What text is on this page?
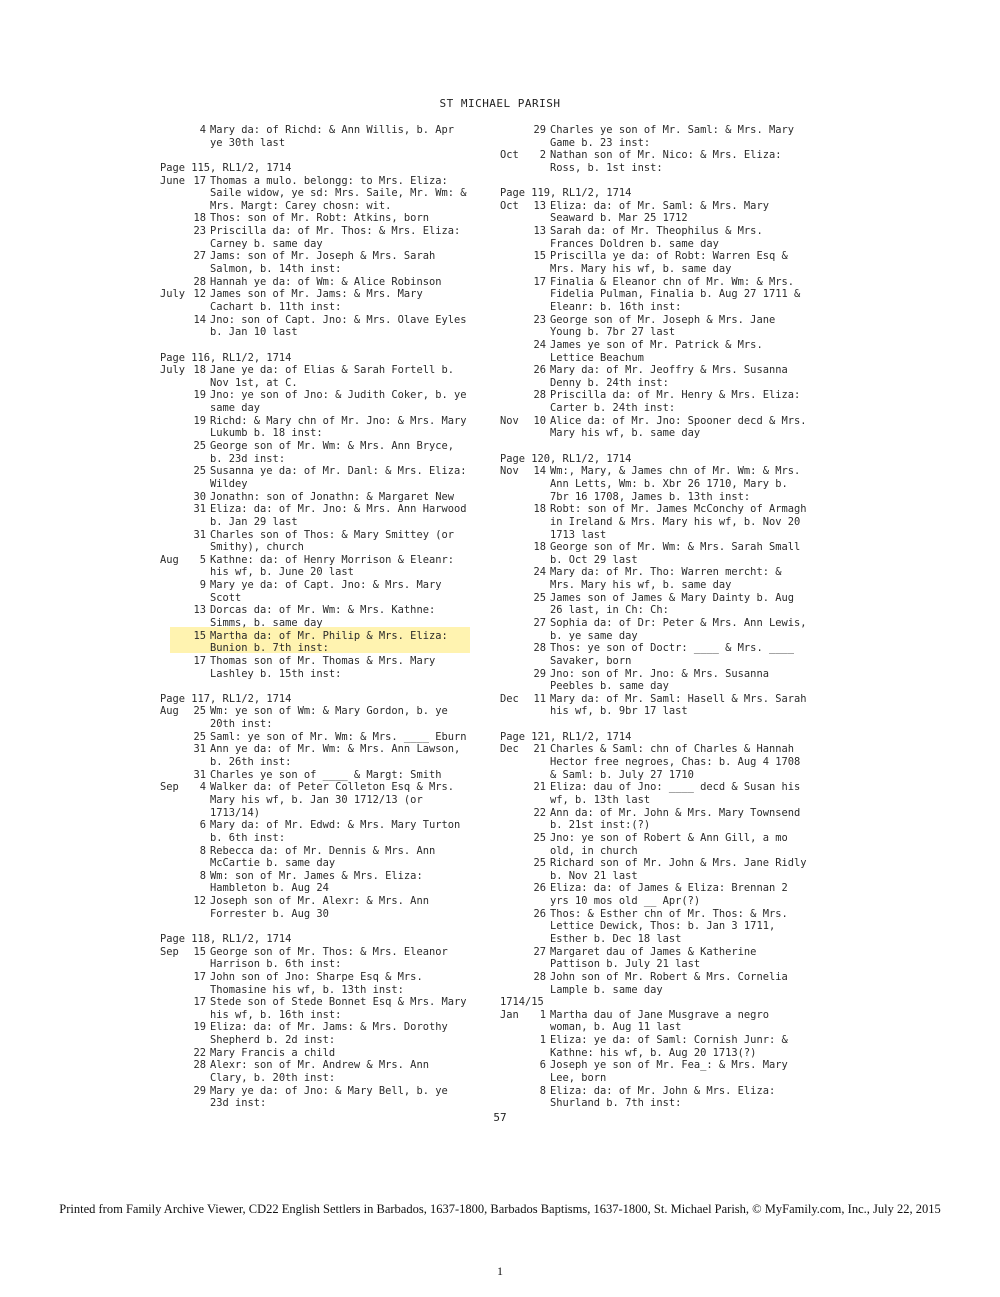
ST MICHAEL PARISH
4 Mary da: of Richd: & Ann Willis, b. Apr
ye 30th last
Page 115, RL1/2, 1714
June 17 Thomas a mulo. belongg: to Mrs. Eliza:
Saile widow, ye sd: Mrs. Saile, Mr. Wm: &
Mrs. Margt: Carey chosn: wit.
18 Thos: son of Mr. Robt: Atkins, born
23 Priscilla da: of Mr. Thos: & Mrs. Eliza:
Carney b. same day
27 Jams: son of Mr. Joseph & Mrs. Sarah
Salmon, b. 14th inst:
28 Hannah ye da: of Wm: & Alice Robinson
July 12 James son of Mr. Jams: & Mrs. Mary
Cachart b. 11th inst:
14 Jno: son of Capt. Jno: & Mrs. Olave Eyles
b. Jan 10 last
Page 116, RL1/2, 1714
July 18 Jane ye da: of Elias & Sarah Fortell b.
Nov 1st, at C.
19 Jno: ye son of Jno: & Judith Coker, b. ye
same day
19 Richd: & Mary chn of Mr. Jno: & Mrs. Mary
Lukumb b. 18 inst:
25 George son of Mr. Wm: & Mrs. Ann Bryce,
b. 23d inst:
25 Susanna ye da: of Mr. Danl: & Mrs. Eliza:
Wildey
30 Jonathn: son of Jonathn: & Margaret New
31 Eliza: da: of Mr. Jno: & Mrs. Ann Harwood
b. Jan 29 last
31 Charles son of Thos: & Mary Smittey (or
Smithy), church
Aug	5 Kathne: da: of Henry Morrison & Eleanr:
his wf, b. June 20 last
9 Mary ye da: of Capt. Jno: & Mrs. Mary
Scott
13 Dorcas da: of Mr. Wm: & Mrs. Kathne:
Simms, b. same day
15 Martha da: of Mr. Philip & Mrs. Eliza:
Bunion b. 7th inst:
17 Thomas son of Mr. Thomas & Mrs. Mary
Lashley b. 15th inst:
Page 117, RL1/2, 1714
Aug	25 Wm: ye son of Wm: & Mary Gordon, b. ye
20th inst:
25 Saml: ye son of Mr. Wm: & Mrs. ____ Eburn
31 Ann ye da: of Mr. Wm: & Mrs. Ann Lawson,
b. 26th inst:
31 Charles ye son of ____ & Margt: Smith
Sep	4 Walker da: of Peter Colleton Esq & Mrs.
Mary his wf, b. Jan 30 1712/13 (or
1713/14)
6 Mary da: of Mr. Edwd: & Mrs. Mary Turton
b. 6th inst:
8 Rebecca da: of Mr. Dennis & Mrs. Ann
McCartie b. same day
8 Wm: son of Mr. James & Mrs. Eliza:
Hambleton b. Aug 24
12 Joseph son of Mr. Alexr: & Mrs. Ann
Forrester b. Aug 30
Page 118, RL1/2, 1714
Sep	15 George son of Mr. Thos: & Mrs. Eleanor
Harrison b. 6th inst:
17 John son of Jno: Sharpe Esq & Mrs.
Thomasine his wf, b. 13th inst:
17 Stede son of Stede Bonnet Esq & Mrs. Mary
his wf, b. 16th inst:
19 Eliza: da: of Mr. Jams: & Mrs. Dorothy
Shepherd b. 2d inst:
22 Mary Francis a child
28 Alexr: son of Mr. Andrew & Mrs. Ann
Clary, b. 20th inst:
29 Mary ye da: of Jno: & Mary Bell, b. ye
23d inst:
29 Charles ye son of Mr. Saml: & Mrs. Mary
Game b. 23 inst:
Oct	2 Nathan son of Mr. Nico: & Mrs. Eliza:
Ross, b. 1st inst:
Page 119, RL1/2, 1714
Oct	13 Eliza: da: of Mr. Saml: & Mrs. Mary
Seaward b. Mar 25 1712
13 Sarah da: of Mr. Theophilus & Mrs.
Frances Doldren b. same day
15 Priscilla ye da: of Robt: Warren Esq &
Mrs. Mary his wf, b. same day
17 Finalia & Eleanor chn of Mr. Wm: & Mrs.
Fidelia Pulman, Finalia b. Aug 27 1711 &
Eleanr: b. 16th inst:
23 George son of Mr. Joseph & Mrs. Jane
Young b. 7br 27 last
24 James ye son of Mr. Patrick & Mrs.
Lettice Beachum
26 Mary da: of Mr. Jeoffry & Mrs. Susanna
Denny b. 24th inst:
28 Priscilla da: of Mr. Henry & Mrs. Eliza:
Carter b. 24th inst:
Nov	10 Alice da: of Mr. Jno: Spooner decd & Mrs.
Mary his wf, b. same day
Page 120, RL1/2, 1714
Nov	14 Wm:, Mary, & James chn of Mr. Wm: & Mrs.
Ann Letts, Wm: b. Xbr 26 1710, Mary b.
7br 16 1708, James b. 13th inst:
18 Robt: son of Mr. James McConchy of Armagh
in Ireland & Mrs. Mary his wf, b. Nov 20
1713 last
18 George son of Mr. Wm: & Mrs. Sarah Small
b. Oct 29 last
24 Mary da: of Mr. Tho: Warren mercht: &
Mrs. Mary his wf, b. same day
25 James son of James & Mary Dainty b. Aug
26 last, in Ch: Ch:
27 Sophia da: of Dr: Peter & Mrs. Ann Lewis,
b. ye same day
28 Thos: ye son of Doctr: ____ & Mrs. ____
Savaker, born
29 Jno: son of Mr. Jno: & Mrs. Susanna
Peebles b. same day
Dec	11 Mary da: of Mr. Saml: Hasell & Mrs. Sarah
his wf, b. 9br 17 last
Page 121, RL1/2, 1714
Dec	21 Charles & Saml: chn of Charles & Hannah
Hector free negroes, Chas: b. Aug 4 1708
& Saml: b. July 27 1710
21 Eliza: dau of Jno: ____ decd & Susan his
wf, b. 13th last
22 Ann da: of Mr. John & Mrs. Mary Townsend
b. 21st inst:(?)
25 Jno: ye son of Robert & Ann Gill, a mo
old, in church
25 Richard son of Mr. John & Mrs. Jane Ridly
b. Nov 21 last
26 Eliza: da: of James & Eliza: Brennan 2
yrs 10 mos old __ Apr(?)
26 Thos: & Esther chn of Mr. Thos: & Mrs.
Lettice Dewick, Thos: b. Jan 3 1711,
Esther b. Dec 18 last
27 Margaret dau of James & Katherine
Pattison b. July 21 last
28 John son of Mr. Robert & Mrs. Cornelia
Lample b. same day
1714/15
Jan	1 Martha dau of Jane Musgrave a negro
woman, b. Aug 11 last
1 Eliza: ye da: of Saml: Cornish Junr: &
Kathne: his wf, b. Aug 20 1713(?)
6 Joseph ye son of Mr. Fea_: & Mrs. Mary
Lee, born
8 Eliza: da: of Mr. John & Mrs. Eliza:
Shurland b. 7th inst:
57
Printed from Family Archive Viewer, CD22 English Settlers in Barbados, 1637-1800, Barbados Baptisms, 1637-1800, St. Michael Parish, © MyFamily.com, Inc., July 22, 2015
1
